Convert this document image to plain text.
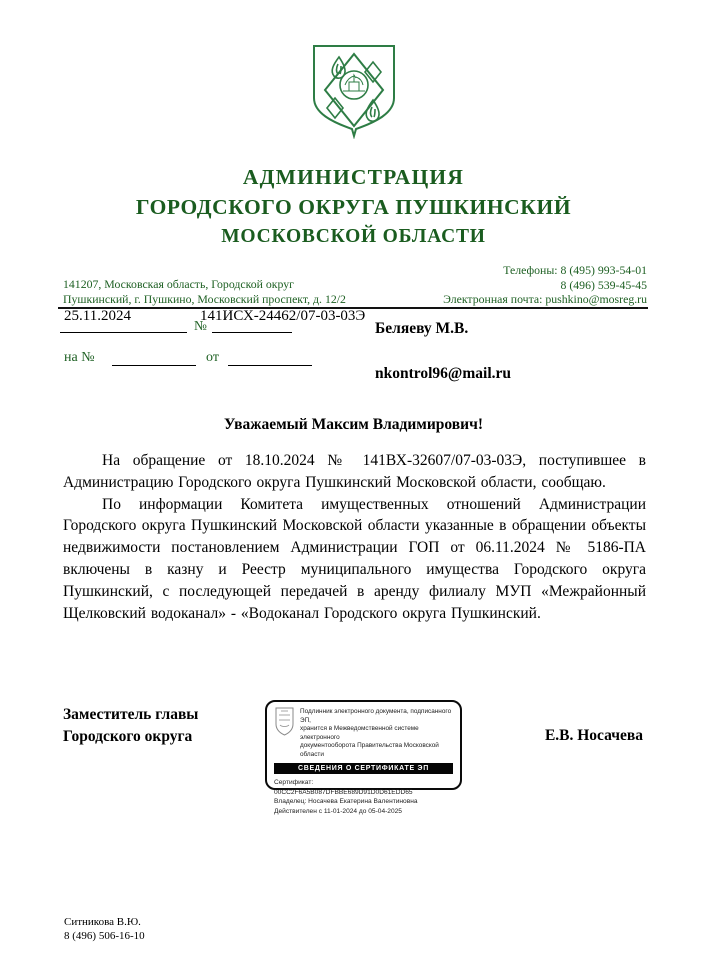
АДМИНИСТРАЦИЯ
ГОРОДСКОГО ОКРУГА ПУШКИНСКИЙ
МОСКОВСКОЙ ОБЛАСТИ
141207, Московская область, Городской округ
Пушкинский, г. Пушкино, Московский проспект, д. 12/2
Телефоны: 8 (495) 993-54-01
8 (496) 539-45-45
Электронная почта: pushkino@mosreg.ru
25.11.2024	141ИСХ-24462/07-03-03Э
№
на №	от
Беляеву М.В.
nkontrol96@mail.ru
Уважаемый Максим Владимирович!

На обращение от 18.10.2024 № 141ВХ-32607/07-03-03Э, поступившее в Администрацию Городского округа Пушкинский Московской области, сообщаю.

По информации Комитета имущественных отношений Администрации Городского округа Пушкинский Московской области указанные в обращении объекты недвижимости постановлением Администрации ГОП от 06.11.2024 № 5186-ПА включены в казну и Реестр муниципального имущества Городского округа Пушкинский, с последующей передачей в аренду филиалу МУП «Межрайонный Щелковский водоканал» - «Водоканал Городского округа Пушкинский.

Заместитель главы
Городского округа
Подлинник электронного документа, подписанного ЭП,
хранится в Межведомственной системе электронного
документооборота Правительства Московской области
СВЕДЕНИЯ О СЕРТИФИКАТЕ ЭП
Сертификат: 00CC2F6A5B087DFBBE689D91D0D61EDD65
Владелец: Носачева Екатерина Валентиновна
Действителен с 11-01-2024 до 05-04-2025
Е.В. Носачева
Ситникова В.Ю.
8 (496) 506-16-10
